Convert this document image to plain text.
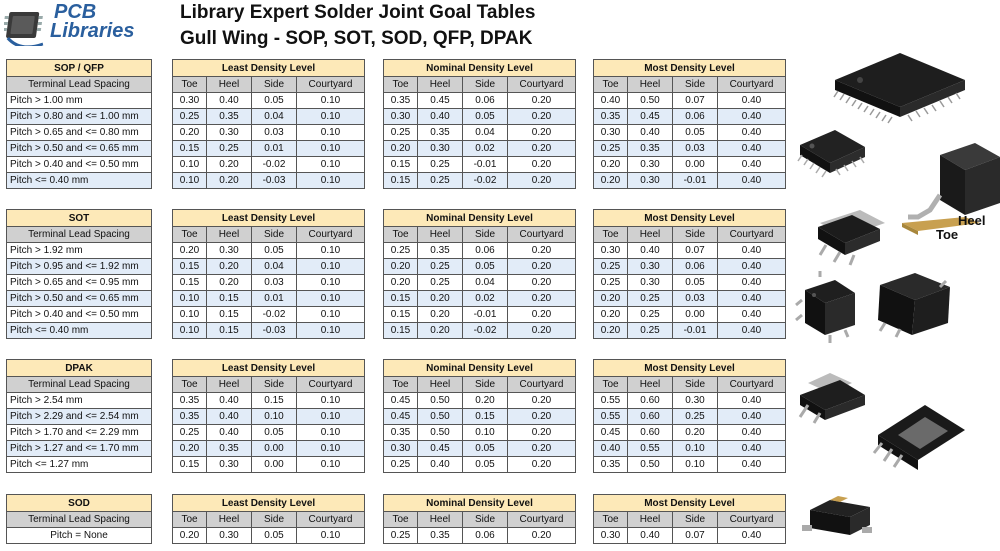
PCB
Libraries
Library Expert Solder Joint Goal Tables
Gull Wing - SOP, SOT, SOD, QFP, DPAK
SOP / QFP
Terminal Lead Spacing
Pitch > 1.00 mm
Pitch > 0.80 and <= 1.00 mm
Pitch > 0.65 and <= 0.80 mm
Pitch > 0.50 and <= 0.65 mm
Pitch > 0.40 and <= 0.50 mm
Pitch <= 0.40 mm
Least Density Level			
Toe	Heel	Side	Courtyard
0.30	0.40	0.05	0.10
0.25	0.35	0.04	0.10
0.20	0.30	0.03	0.10
0.15	0.25	0.01	0.10
0.10	0.20	-0.02	0.10
0.10	0.20	-0.03	0.10
Nominal Density Level			
Toe	Heel	Side	Courtyard
0.35	0.45	0.06	0.20
0.30	0.40	0.05	0.20
0.25	0.35	0.04	0.20
0.20	0.30	0.02	0.20
0.15	0.25	-0.01	0.20
0.15	0.25	-0.02	0.20
Most Density Level			
Toe	Heel	Side	Courtyard
0.40	0.50	0.07	0.40
0.35	0.45	0.06	0.40
0.30	0.40	0.05	0.40
0.25	0.35	0.03	0.40
0.20	0.30	0.00	0.40
0.20	0.30	-0.01	0.40
SOT
Terminal Lead Spacing
Pitch > 1.92 mm
Pitch > 0.95 and <= 1.92 mm
Pitch > 0.65 and <= 0.95 mm
Pitch > 0.50 and <= 0.65 mm
Pitch > 0.40 and <= 0.50 mm
Pitch <= 0.40 mm
Least Density Level			
Toe	Heel	Side	Courtyard
0.20	0.30	0.05	0.10
0.15	0.20	0.04	0.10
0.15	0.20	0.03	0.10
0.10	0.15	0.01	0.10
0.10	0.15	-0.02	0.10
0.10	0.15	-0.03	0.10
Nominal Density Level			
Toe	Heel	Side	Courtyard
0.25	0.35	0.06	0.20
0.20	0.25	0.05	0.20
0.20	0.25	0.04	0.20
0.15	0.20	0.02	0.20
0.15	0.20	-0.01	0.20
0.15	0.20	-0.02	0.20
Most Density Level			
Toe	Heel	Side	Courtyard
0.30	0.40	0.07	0.40
0.25	0.30	0.06	0.40
0.25	0.30	0.05	0.40
0.20	0.25	0.03	0.40
0.20	0.25	0.00	0.40
0.20	0.25	-0.01	0.40
DPAK
Terminal Lead Spacing
Pitch > 2.54 mm
Pitch > 2.29 and <= 2.54 mm
Pitch > 1.70 and <= 2.29 mm
Pitch > 1.27 and <= 1.70 mm
Pitch <= 1.27 mm
Least Density Level			
Toe	Heel	Side	Courtyard
0.35	0.40	0.15	0.10
0.35	0.40	0.10	0.10
0.25	0.40	0.05	0.10
0.20	0.35	0.00	0.10
0.15	0.30	0.00	0.10
Nominal Density Level			
Toe	Heel	Side	Courtyard
0.45	0.50	0.20	0.20
0.45	0.50	0.15	0.20
0.35	0.50	0.10	0.20
0.30	0.45	0.05	0.20
0.25	0.40	0.05	0.20
Most Density Level			
Toe	Heel	Side	Courtyard
0.55	0.60	0.30	0.40
0.55	0.60	0.25	0.40
0.45	0.60	0.20	0.40
0.40	0.55	0.10	0.40
0.35	0.50	0.10	0.40
SOD
Terminal Lead Spacing
Pitch = None
Least Density Level			
Toe	Heel	Side	Courtyard
0.20	0.30	0.05	0.10
Nominal Density Level			
Toe	Heel	Side	Courtyard
0.25	0.35	0.06	0.20
Most Density Level			
Toe	Heel	Side	Courtyard
0.30	0.40	0.07	0.40
Heel
Toe
